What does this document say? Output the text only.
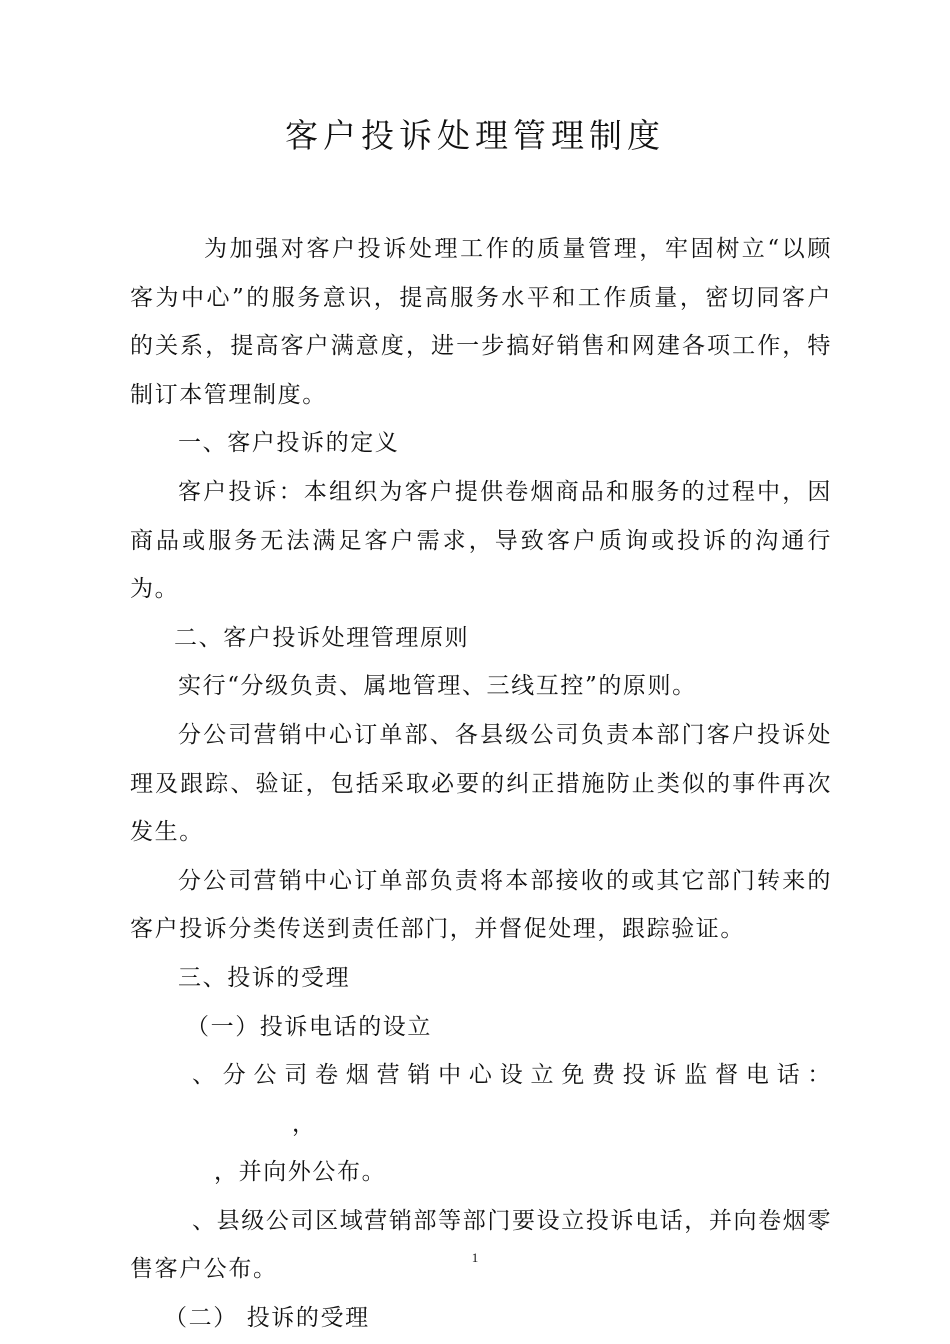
客户投诉处理管理制度

为加强对客户投诉处理工作的质量管理，牢固树立“以顾客为中心”的服务意识，提高服务水平和工作质量，密切同客户的关系，提高客户满意度，进一步搞好销售和网建各项工作，特制订本管理制度。

一、客户投诉的定义

客户投诉：本组织为客户提供卷烟商品和服务的过程中，因商品或服务无法满足客户需求，导致客户质询或投诉的沟通行为。

二、客户投诉处理管理原则

实行“分级负责、属地管理、三线互控”的原则。

分公司营销中心订单部、各县级公司负责本部门客户投诉处理及跟踪、验证，包括采取必要的纠正措施防止类似的事件再次发生。

分公司营销中心订单部负责将本部接收的或其它部门转来的客户投诉分类传送到责任部门，并督促处理，跟踪验证。

三、投诉的受理

（一）投诉电话的设立

、分公司卷烟营销中心设立免费投诉监督电话：，

，并向外公布。

、县级公司区域营销部等部门要设立投诉电话，并向卷烟零售客户公布。

（二） 投诉的受理

1
